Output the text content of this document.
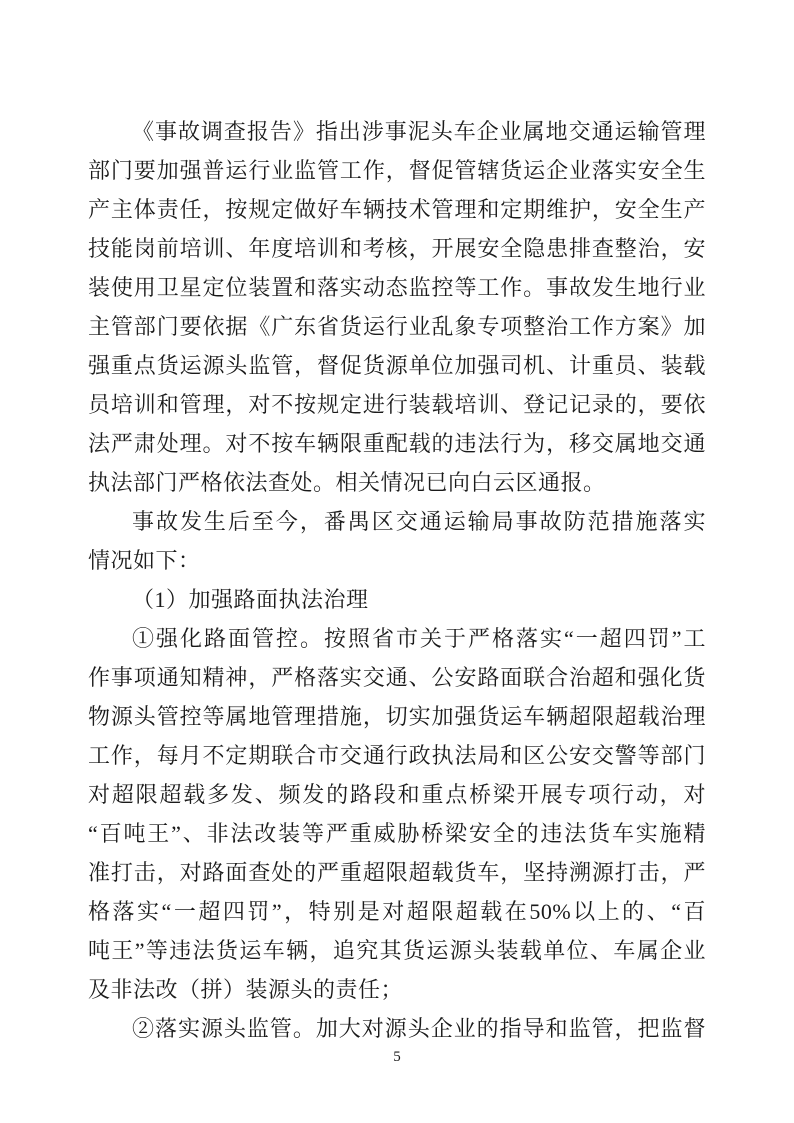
《事故调查报告》指出涉事泥头车企业属地交通运输管理
部门要加强普运行业监管工作，督促管辖货运企业落实安全生
产主体责任，按规定做好车辆技术管理和定期维护，安全生产
技能岗前培训、年度培训和考核，开展安全隐患排查整治，安
装使用卫星定位装置和落实动态监控等工作。事故发生地行业
主管部门要依据《广东省货运行业乱象专项整治工作方案》加
强重点货运源头监管，督促货源单位加强司机、计重员、装载
员培训和管理，对不按规定进行装载培训、登记记录的，要依
法严肃处理。对不按车辆限重配载的违法行为，移交属地交通
执法部门严格依法查处。相关情况已向白云区通报。
事故发生后至今，番禺区交通运输局事故防范措施落实
情况如下：
（1）加强路面执法治理
①强化路面管控。按照省市关于严格落实“一超四罚”工
作事项通知精神，严格落实交通、公安路面联合治超和强化货
物源头管控等属地管理措施，切实加强货运车辆超限超载治理
工作，每月不定期联合市交通行政执法局和区公安交警等部门
对超限超载多发、频发的路段和重点桥梁开展专项行动，对
“百吨王”、非法改装等严重威胁桥梁安全的违法货车实施精
准打击，对路面查处的严重超限超载货车，坚持溯源打击，严
格落实“一超四罚”，特别是对超限超载在50%以上的、“百
吨王”等违法货运车辆，追究其货运源头装载单位、车属企业
及非法改（拼）装源头的责任；
②落实源头监管。加大对源头企业的指导和监管，把监督
5
